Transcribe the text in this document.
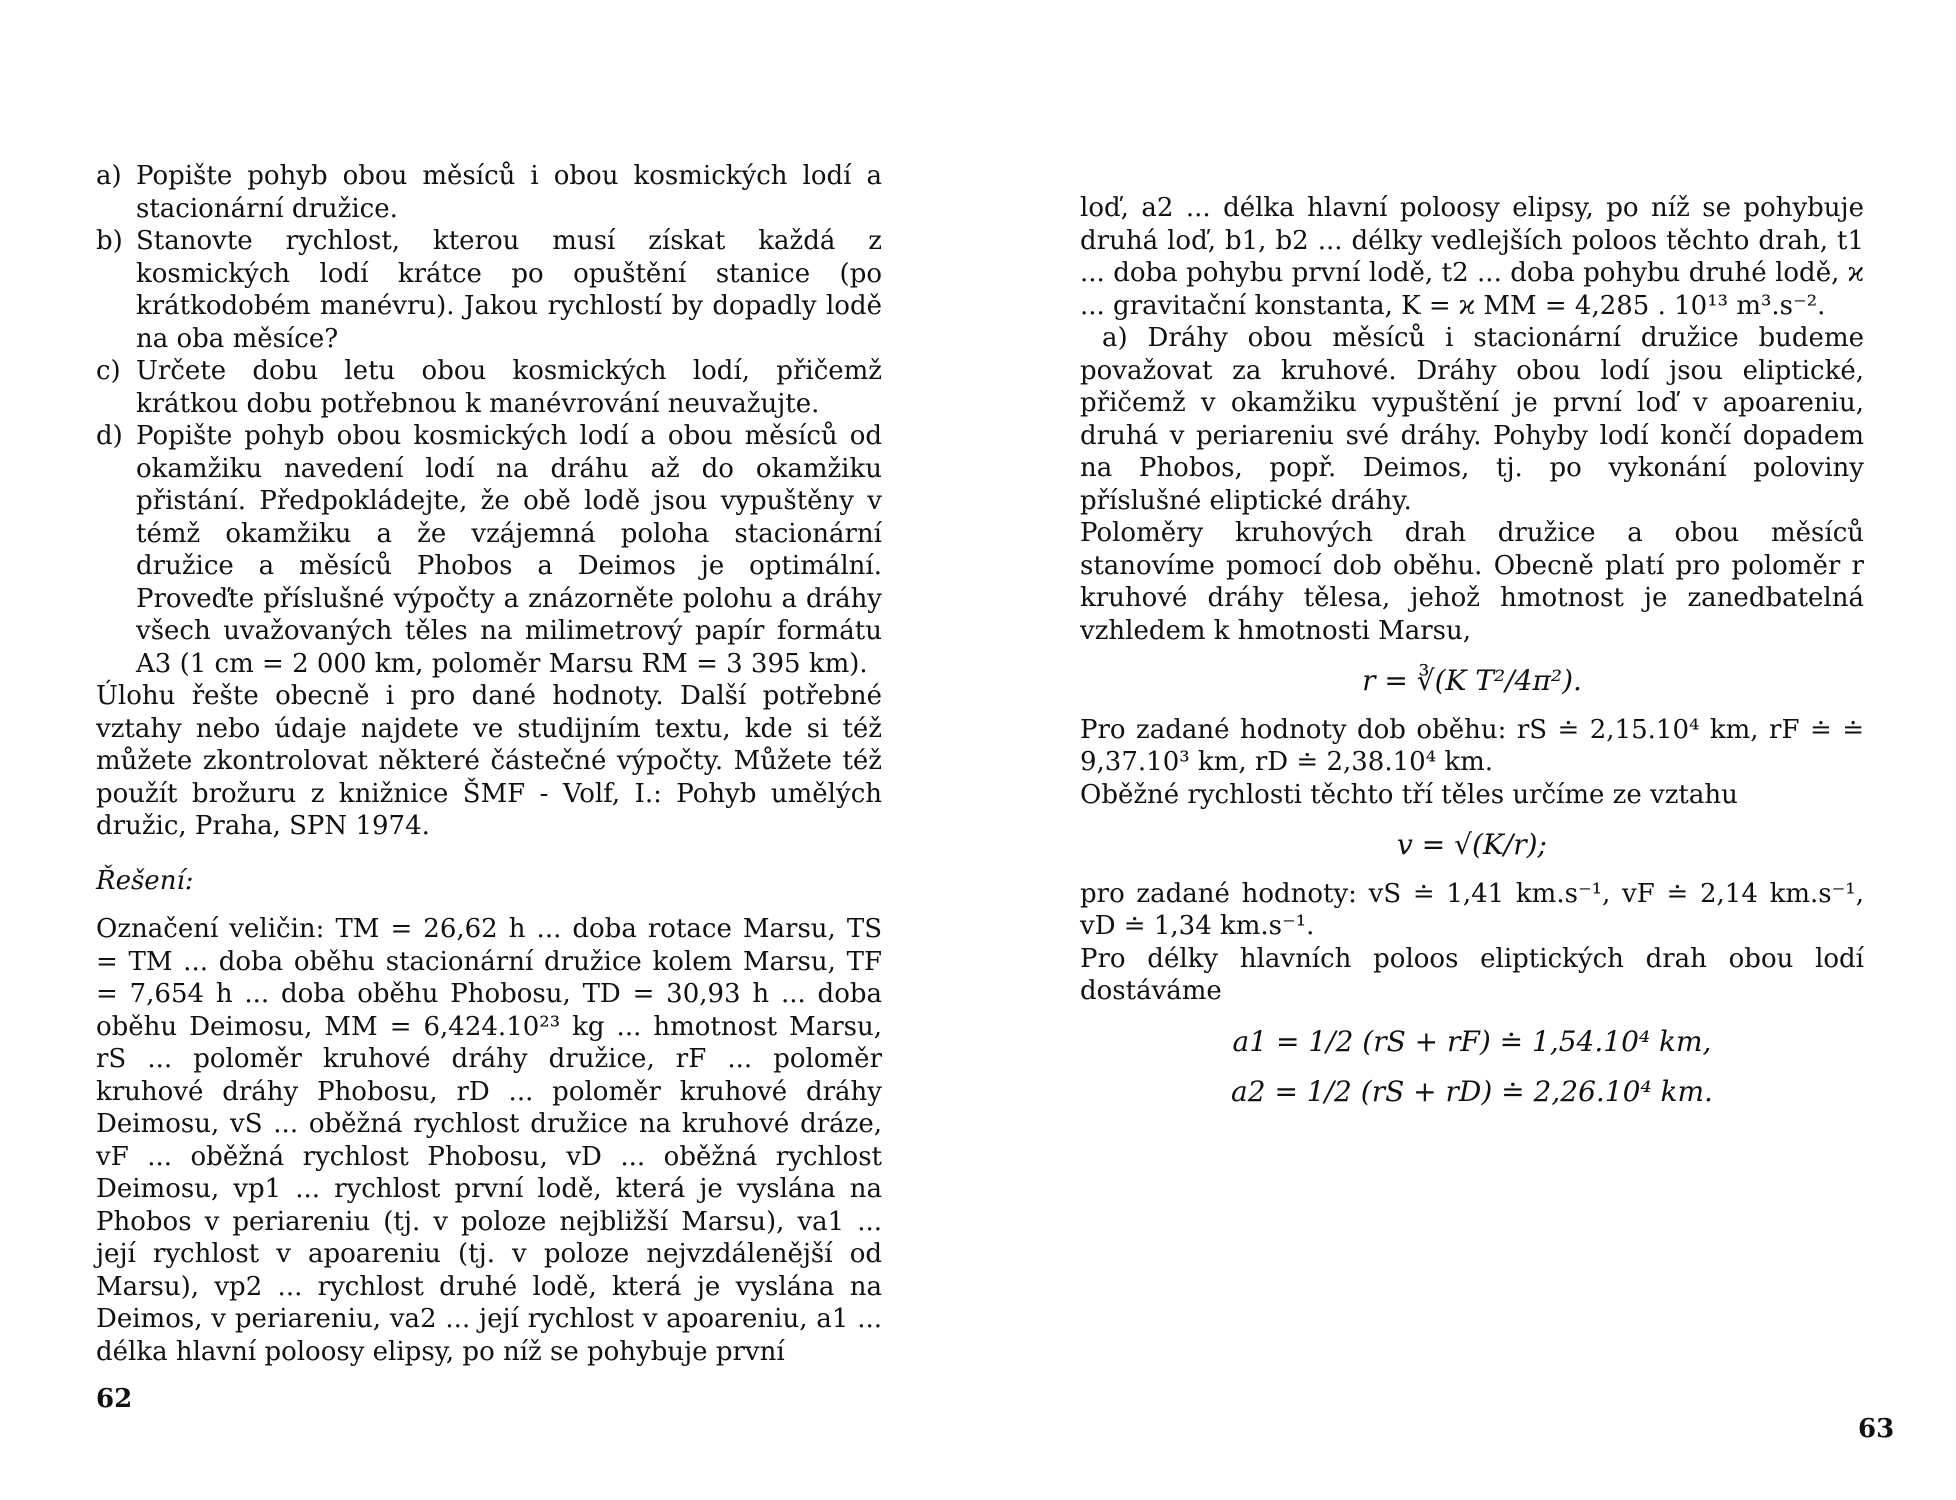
a) Popište pohyb obou měsíců i obou kosmických lodí a stacionární družice.
b) Stanovte rychlost, kterou musí získat každá z kosmických lodí krátce po opuštění stanice (po krátkodobém manévru). Jakou rychlostí by dopadly lodě na oba měsíce?
c) Určete dobu letu obou kosmických lodí, přičemž krátkou dobu potřebnou k manévrování neuvažujte.
d) Popište pohyb obou kosmických lodí a obou měsíců od okamžiku navedení lodí na dráhu až do okamžiku přistání. Předpokládejte, že obě lodě jsou vypuštěny v témž okamžiku a že vzájemná poloha stacionární družice a měsíců Phobos a Deimos je optimální. Proveďte příslušné výpočty a znázorněte polohu a dráhy všech uvažovaných těles na milimetrový papír formátu A3 (1 cm = 2 000 km, poloměr Marsu RM = 3 395 km).

Úlohu řešte obecně i pro dané hodnoty. Další potřebné vztahy nebo údaje najdete ve studijním textu, kde si též můžete zkontrolovat některé částečné výpočty. Můžete též použít brožuru z knižnice ŠMF - Volf, I.: Pohyb umělých družic, Praha, SPN 1974.

Řešení:

Označení veličin: TM = 26,62 h ... doba rotace Marsu, TS = TM ... doba oběhu stacionární družice kolem Marsu, TF = 7,654 h ... doba oběhu Phobosu, TD = 30,93 h ... doba oběhu Deimosu, MM = 6,424.10²³ kg ... hmotnost Marsu, rS ... poloměr kruhové dráhy družice, rF ... poloměr kruhové dráhy Phobosu, rD ... poloměr kruhové dráhy Deimosu, vS ... oběžná rychlost družice na kruhové dráze, vF ... oběžná rychlost Phobosu, vD ... oběžná rychlost Deimosu, vp1 ... rychlost první lodě, která je vyslána na Phobos v periareniu (tj. v poloze nejbližší Marsu), va1 ... její rychlost v apoareniu (tj. v poloze nejvzdálenější od Marsu), vp2 ... rychlost druhé lodě, která je vyslána na Deimos, v periareniu, va2 ... její rychlost v apoareniu, a1 ... délka hlavní poloosy elipsy, po níž se pohybuje první

62

loď, a2 ... délka hlavní poloosy elipsy, po níž se pohybuje druhá loď, b1, b2 ... délky vedlejších poloos těchto drah, t1 ... doba pohybu první lodě, t2 ... doba pohybu druhé lodě, ϰ ... gravitační konstanta, K = ϰ MM = 4,285 . 10¹³ m³.s⁻².

a) Dráhy obou měsíců i stacionární družice budeme považovat za kruhové. Dráhy obou lodí jsou eliptické, přičemž v okamžiku vypuštění je první loď v apoareniu, druhá v periareniu své dráhy. Pohyby lodí končí dopadem na Phobos, popř. Deimos, tj. po vykonání poloviny příslušné eliptické dráhy.

Poloměry kruhových drah družice a obou měsíců stanovíme pomocí dob oběhu. Obecně platí pro poloměr r kruhové dráhy tělesa, jehož hmotnost je zanedbatelná vzhledem k hmotnosti Marsu,

r = ∛(K T²/4π²).

Pro zadané hodnoty dob oběhu: rS ≐ 2,15.10⁴ km, rF ≐ ≐ 9,37.10³ km, rD ≐ 2,38.10⁴ km.

Oběžné rychlosti těchto tří těles určíme ze vztahu

v = √(K/r);

pro zadané hodnoty: vS ≐ 1,41 km.s⁻¹, vF ≐ 2,14 km.s⁻¹, vD ≐ 1,34 km.s⁻¹.

Pro délky hlavních poloos eliptických drah obou lodí dostáváme

a1 = 1/2 (rS + rF) ≐ 1,54.10⁴ km,
a2 = 1/2 (rS + rD) ≐ 2,26.10⁴ km.
63
